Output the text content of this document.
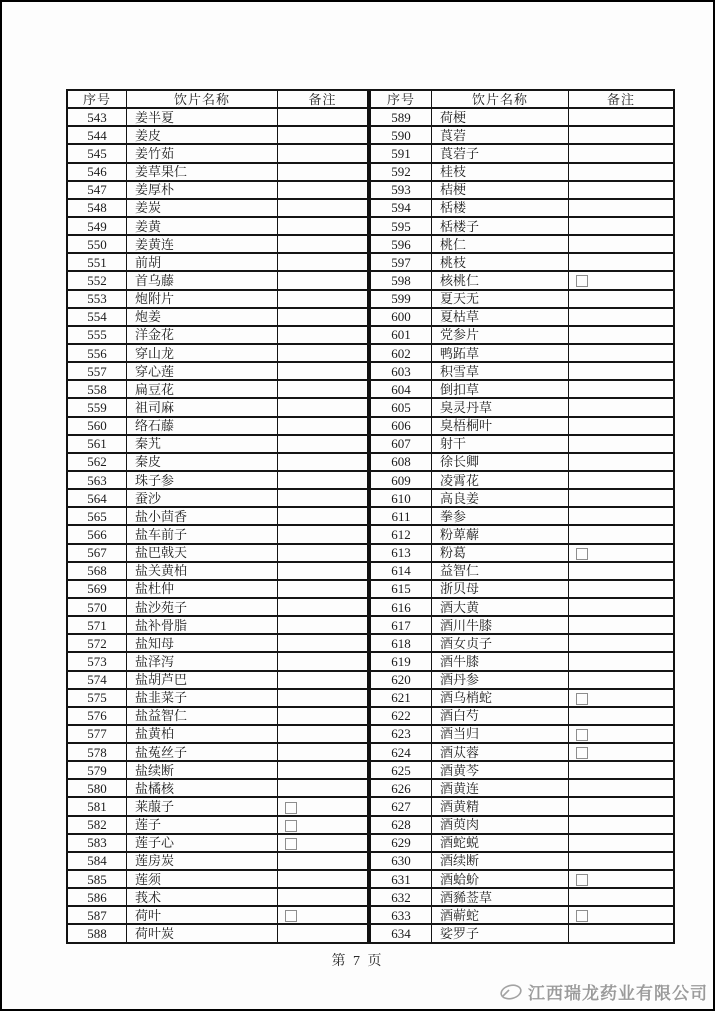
序号	饮片名称	备注
543	姜半夏	
544	姜皮	
545	姜竹茹	
546	姜草果仁	
547	姜厚朴	
548	姜炭	
549	姜黄	
550	姜黄连	
551	前胡	
552	首乌藤	
553	炮附片	
554	炮姜	
555	洋金花	
556	穿山龙	
557	穿心莲	
558	扁豆花	
559	祖司麻	
560	络石藤	
561	秦艽	
562	秦皮	
563	珠子参	
564	蚕沙	
565	盐小茴香	
566	盐车前子	
567	盐巴戟天	
568	盐关黄柏	
569	盐杜仲	
570	盐沙苑子	
571	盐补骨脂	
572	盐知母	
573	盐泽泻	
574	盐胡芦巴	
575	盐韭菜子	
576	盐益智仁	
577	盐黄柏	
578	盐菟丝子	
579	盐续断	
580	盐橘核	
581	莱菔子	
582	莲子	
583	莲子心	
584	莲房炭	
585	莲须	
586	莪术	
587	荷叶	
588	荷叶炭	
序号	饮片名称	备注
589	荷梗	
590	莨菪	
591	莨菪子	
592	桂枝	
593	桔梗	
594	栝楼	
595	栝楼子	
596	桃仁	
597	桃枝	
598	核桃仁	
599	夏天无	
600	夏枯草	
601	党参片	
602	鸭跖草	
603	积雪草	
604	倒扣草	
605	臭灵丹草	
606	臭梧桐叶	
607	射干	
608	徐长卿	
609	凌霄花	
610	高良姜	
611	拳参	
612	粉萆薢	
613	粉葛	
614	益智仁	
615	浙贝母	
616	酒大黄	
617	酒川牛膝	
618	酒女贞子	
619	酒牛膝	
620	酒丹参	
621	酒乌梢蛇	
622	酒白芍	
623	酒当归	
624	酒苁蓉	
625	酒黄芩	
626	酒黄连	
627	酒黄精	
628	酒萸肉	
629	酒蛇蜕	
630	酒续断	
631	酒蛤蚧	
632	酒豨莶草	
633	酒蕲蛇	
634	娑罗子	
第 7 页
江西瑞龙药业有限公司
